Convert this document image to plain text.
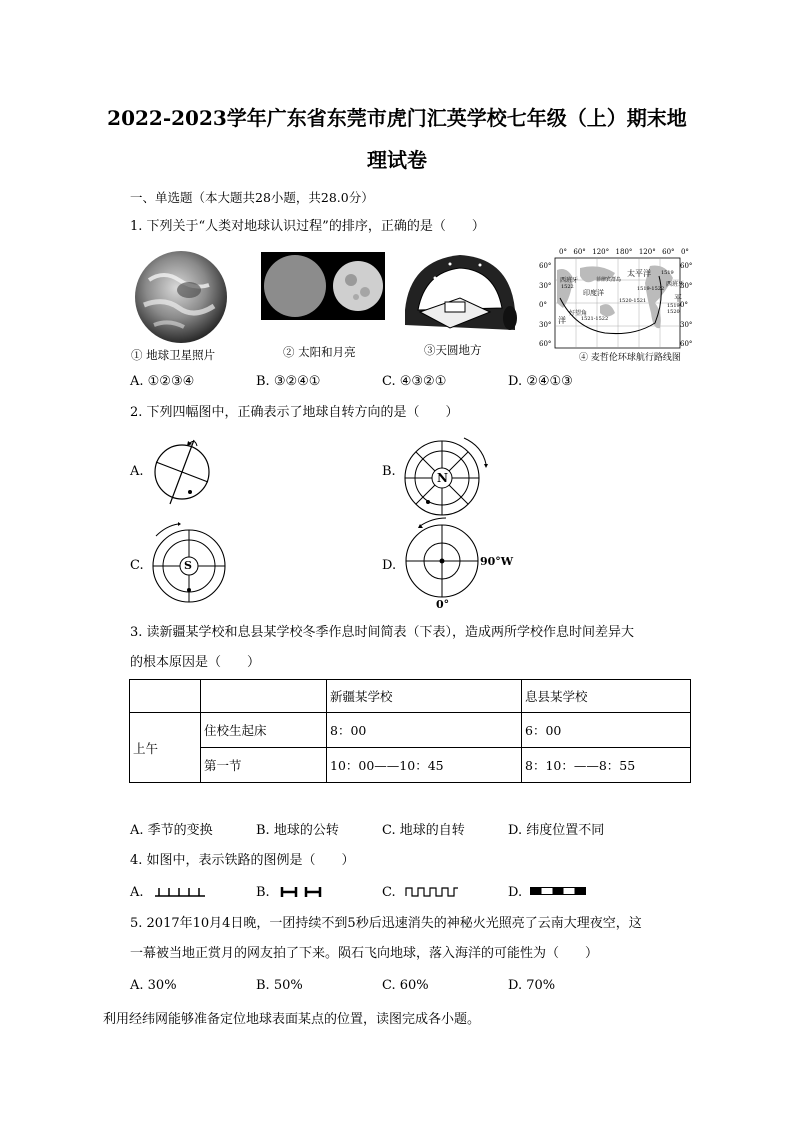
2022-2023学年广东省东莞市虎门汇英学校七年级（上）期末地
理试卷
一、单选题（本大题共28小题，共28.0分）
1. 下列关于“人类对地球认识过程”的排序，正确的是（　　）
① 地球卫星照片	② 太阳和月亮	③天圆地方
0° 60° 120° 180° 120° 60° 0°
60°
30°
0°
30°
60°
60°
30°
0°
30°
60°
太平洋
平
洋
印度洋
西班牙
西班牙
菲律宾群岛
好望角
1519-1522
1521-1522
1520-1521
1519-1520
1522
1519
④ 麦哲伦环球航行路线图
A. ①②③④	B. ③②④①	C. ④③②①	D. ②④①③
2. 下列四幅图中，正确表示了地球自转方向的是（　　）
A.	B.	N
C.	S	D.	90°W
0°
3. 读新疆某学校和息县某学校冬季作息时间简表（下表），造成两所学校作息时间差异大
的根本原因是（　　）
		新疆某学校	息县某学校
上午	住校生起床	8：00	6：00
	第一节	10：00——10：45	8：10：——8：55
A. 季节的变换	B. 地球的公转	C. 地球的自转	D. 纬度位置不同
4. 如图中，表示铁路的图例是（　　）
A.	B.	C.	D.
5. 2017年10月4日晚，一团持续不到5秒后迅速消失的神秘火光照亮了云南大理夜空，这
一幕被当地正赏月的网友拍了下来。陨石飞向地球，落入海洋的可能性为（　　）
A. 30%	B. 50%	C. 60%	D. 70%
利用经纬网能够准备定位地球表面某点的位置，读图完成各小题。
